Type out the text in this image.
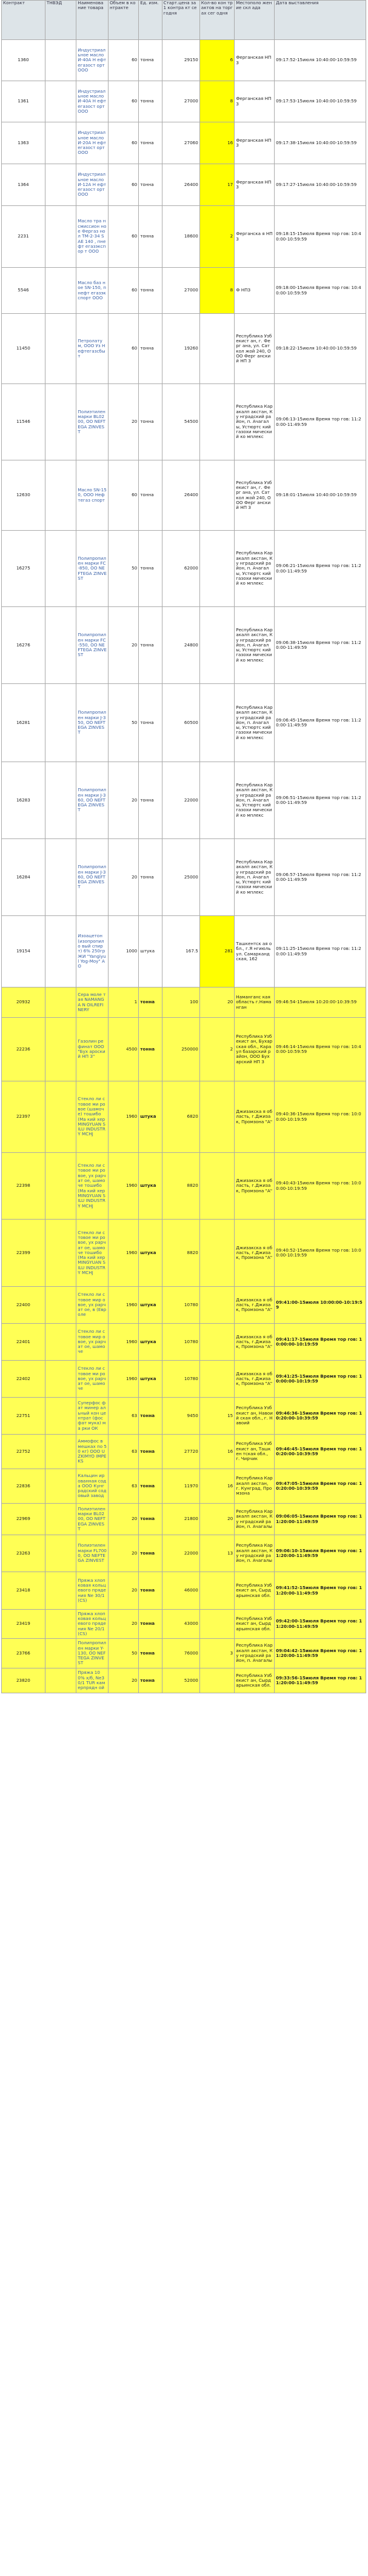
Контракт	ТНВЭД	Наименова ние товара	Объем в контракте	Ед. изм.	Старт.цена за 1 контра кт сегодня	Кол-во кон трактов на торгах сег одня	Местополо жение скл ада	Дата выставления
1360		Индустриальное масло И-40А Н ефтегазост орт ООО	60	тонна	29150	6	Ферганская НПЗ	09:17:52-15июля 10:40:00-10:59:59
1361		Индустриальное масло И-40А Н ефтегазост орт ООО	60	тонна	27000	8	Ферганская НПЗ	09:17:53-15июля 10:40:00-10:59:59
1363		Индустриальное масло И-20А Н ефтегазост орт ООО	60	тонна	27060	16	Ферганская НПЗ	09:17:38-15июля 10:40:00-10:59:59
1364		Индустриальное масло И-12А Н ефтегазост орт ООО	60	тонна	26400	17	Ферганская НПЗ	09:17:27-15июля 10:40:00-10:59:59
2231		Масло тра нсмиссион ное Фергаз нол ТМ-2-34 SAE 140 , пнефт егазэкспор т ООО	60	тонна	18600	2	Ферганска я НП З	09:18:15-15июля Время тор гов: 10:40:00-10:59:59
5546		Масло баз ное SN-150, пнефт егазэкспорт ООО	60	тонна	27000	8	Ф НПЗ	09:18:00-15июля Время тор гов: 10:40:00-10:59:59
11450		Петролатум, ООО Уз Нефтегазсбыт	60	тонна	19260		Республика Узбекист ан, г. Ферг ана, ул. Сат кол жой 240, ООО Ферг анский НП З	09:18:22-15июля 10:40:00-10:59:59
11546		Полиэтилен марки BL0200, OO NEFTEGA ZINVEST	20	тонна	54500		Республика Каракалп акстан, Ку нградский район, п. Ачагалы, Устюртс кий газохи мический ко мплекс	09:06:13-15июля Время тор гов: 11:20:00-11:49:59
12630		Масло SN-150, ООО Нефтегаз спорт	60	тонна	26400		Республика Узбекист ан, г. Ферг ана, ул. Сат кол жой 240, ООО Ферг анский НП З	09:18:01-15июля 10:40:00-10:59:59
16275		Полипропилен марки FC-850, OO NEFTEGA ZINVEST	50	тонна	62000		Республика Каракалп акстан, Ку нградский район, п. Ачагалы, Устюртс кий газохи мический ко мплекс	09:06:21-15июля Время тор гов: 11:20:00-11:49:59
16276		Полипропилен марки FC-550, OO NEFTEGA ZINVEST	20	тонна	24800		Республика Каракалп акстан, Ку нградский район, п. Ачагалы, Устюртс кий газохи мический ко мплекс	09:06:38-15июля Время тор гов: 11:20:00-11:49:59
16281		Полипропилен марки J-350, OO NEFTEGA ZINVEST	50	тонна	60500		Республика Каракалп акстан, Ку нградский район, п. Ачагалы, Устюртс кий газохи мический ко мплекс	09:06:45-15июля Время тор гов: 11:20:00-11:49:59
16283		Полипропилен марки J-360, OO NEFTEGA ZINVEST	20	тонна	22000		Республика Каракалп акстан, Ку нградский район, п. Ачагалы, Устюртс кий газохи мический ко мплекс	09:06:51-15июля Время тор гов: 11:20:00-11:49:59
16284		Полипропилен марки J-360, OO NEFTEGA ZINVEST	20	тонна	25000		Республика Каракалп акстан, Ку нградский район, п. Ачагалы, Устюртс кий газохи мический ко мплекс	09:06:57-15июля Время тор гов: 11:20:00-11:49:59
19154		Изоацетон (изопропило вый спирт) 6% 250гр ЖИ "Yangiyul Yog-Moy" AO	1000	штука	167.5	281	Ташкентск ая обл., г.Я нгиюль ул. Самарканд ская, 162	09:11:25-15июля Время тор гов: 11:20:00-11:49:59
20932		Сера моле тая NAMANGA N OILREFINERY	1	тонна	100	20	Наманганс кая область г.Наманган	09:46:54-15июля 10:20:00-10:39:59
22236		Газолин рефинат ООО "Бух ароский НП З"	4500	тонна	250000	2	Республика Узбекист ан, Бухарская обл., Караул базарский район, ООО Бух арский НП З	09:46:14-15июля Время тор гов: 10:40:00-10:59:59
22397		Стекло ли стовое ми ровое (шамоче) тошибо (Ма кий хер MINGYUAN SILU INDUSTRY MCHJ	1960	штука	6820		Джизакска я область, г.Джизак, Промзона "А"	09:40:36-15июля Время тор гов: 10:00:00-10:19:59
22398		Стекло ли стовое ми ровое, ух рарчат ое, шамоче тошибо (Ма кий хер MINGYUAN SILU INDUSTRY MCHJ	1960	штука	8820		Джизакска я область, г.Джизак, Промзона "А"	09:40:43-15июля Время тор гов: 10:00:00-10:19:59
22399		Стекло ли стовое ми ровое, ух рарчат ое, шамоче тошибо (Ма кий хер MINGYUAN SILU INDUSTRY MCHJ	1960	штука	8820		Джизакска я область, г.Джизак, Промзона "А"	09:40:52-15июля Время тор гов: 10:00:00-10:19:59
22400		Стекло ли стовое мир овое, ух рарчат ое, в (Евроле	1960	штука	10780		Джизакска я область, г.Джизак, Промзона "А"	09:41:00-15июля 10:00:00-10:19:59
22401		Стекло ли стовое мир овое, ух рарчат ое, шамоче	1960	штука	10780		Джизакска я область, г.Джизак, Промзона "А"	09:41:17-15июля Время тор гов: 10:00:00-10:19:59
22402		Стекло ли стовое ми ровое, ух рарчат ое, шамоче	1960	штука	10780		Джизакска я область, г.Джизак, Промзона "А"	09:41:25-15июля Время тор гов: 10:00:00-10:19:59
22751		Суперфос фат минер альный кон центрат (фосфат мука) ма рки ОК	63	тонна	9450	15	Республика Узбекист ан, Навоий ская обл., г. Навоий	09:46:36-15июля Время тор гов: 10:20:00-10:39:59
22752		Аммофос в мешках по 50 кг) ООО UZKIMYO IMPEKS	63	тонна	27720	16	Республика Узбекист ан, Ташкен тская обл., г. Чирчик	09:46:45-15июля Время тор гов: 10:20:00-10:39:59
22836		Кальцин ированная сода ООО Кунградский содовый завод	63	тонна	11970	16	Республика Каракалп акстан, г. Кунград, Промзона	09:47:05-15июля Время тор гов: 10:20:00-10:39:59
22969		Полиэтилен марки BL0200, OO NEFTEGA ZINVEST	20	тонна	21800	20	Республика Каракалп акстан, Ку нградский район, п. Ачагалы	09:06:05-15июля Время тор гов: 11:20:00-11:49:59
23263		Полиэтилен марки FL7000, OO NEFTEGA ZINVEST	20	тонна	22000	13	Республика Каракалп акстан, Ку нградский район, п. Ачагалы	09:06:10-15июля Время тор гов: 11:20:00-11:49:59
23418		Пряжа хлоп ковая кольцевого прядения Ne 30/1 (СS)	20	тонна	46000		Республика Узбекист ан, Сырдарьинская обл.	09:41:52-15июля Время тор гов: 11:20:00-11:49:59
23419		Пряжа хлоп ковая кольцевого прядения Ne 20/1 (СS)	20	тонна	43000		Республика Узбекист ан, Сырдарьинская обл.	09:42:00-15июля Время тор гов: 11:20:00-11:49:59
23766		Полипропилен марки Y-130, OO NEFTEGA ZINVEST	50	тонна	76000	3	Республика Каракалп акстан, Ку нградский район, п. Ачагалы	09:04:42-15июля Время тор гов: 11:20:00-11:49:59
23820		Пряжа 100% х/б, Ne30/1 TUR камерпрядн ой	20	тонна	52000		Республика Узбекист ан, Сырдарьинская обл.	09:33:56-15июля Время тор гов: 11:20:00-11:49:59
